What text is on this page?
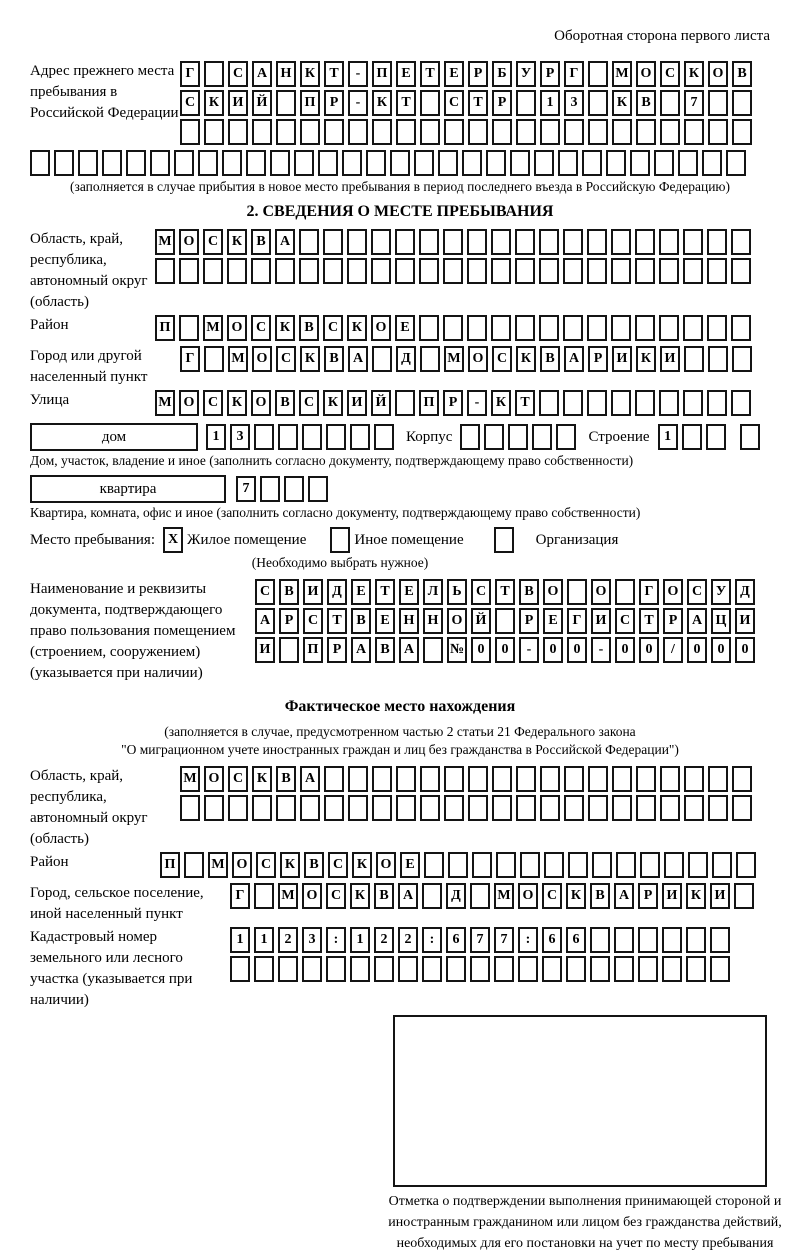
Оборотная сторона первого листа
Адрес прежнего места пребывания в Российской Федерации
Г	С А Н К	Т	-	П Е	Т	Е	Р	Б	У	Р	Г	М О С К О В
С К И Й	П	Р	-	К	Т	С	Т	Р	1	3	К	В	7
(заполняется в случае прибытия в новое место пребывания в период последнего въезда в Российскую Федерацию)
2. СВЕДЕНИЯ О МЕСТЕ ПРЕБЫВАНИЯ
Область, край, республика, автономный округ (область)
М О С К	В	А
Район	П	М О С К	В	С К О Е
Город или другой населенный пункт
Г	М О С К	В	А	Д	М О С К	В	А	Р	И К И
Улица	М О С К О В	С К И Й	П	Р	-	К	Т
дом	1	3	Корпус	Строение	1
Дом, участок, владение и иное (заполнить согласно документу, подтверждающему право собственности)
квартира	7
Квартира, комната, офис и иное (заполнить согласно документу, подтверждающему право собственности)
Место пребывания: X Жилое помещение	Иное помещение	Организация
(Необходимо выбрать нужное)
Наименование и реквизиты документа, подтверждающего право пользования помещением (строением, сооружением) (указывается при наличии)
С	В И Д	Е	Т	Е	Л	Ь	С	Т	В О	О	Г	О С У	Д
А	Р	С	Т	В	Е Н Н О Й	Р	Е	Г	И С	Т	Р	А Ц И
И	П	Р	А	В	А	№ 0	0	-	0	0	-	0	0	/	0	0	0
Фактическое место нахождения
(заполняется в случае, предусмотренном частью 2 статьи 21 Федерального закона
"О миграционном учете иностранных граждан и лиц без гражданства в Российской Федерации")
Область, край, республика, автономный округ (область)
М О С К	В	А
Район	П	М О С К	В	С К О Е
Город, сельское поселение, иной населенный пункт
Г	М О С К	В	А	Д	М О С К	В	А	Р	И К И
Кадастровый номер земельного или лесного участка (указывается при наличии)
1	1	2	3	:	1	2	2	:	6	7	7	:	6	6
Отметка о подтверждении выполнения принимающей стороной и иностранным гражданином или лицом без гражданства действий, необходимых для его постановки на учет по месту пребывания
